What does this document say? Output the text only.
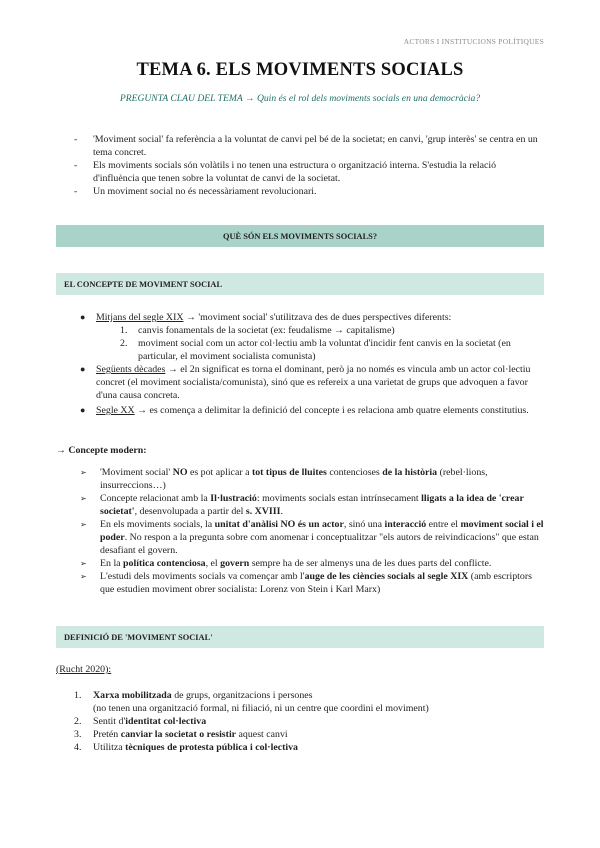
ACTORS I INSTITUCIONS POLÍTIQUES
TEMA 6. ELS MOVIMENTS SOCIALS
PREGUNTA CLAU DEL TEMA → Quin és el rol dels moviments socials en una democràcia?
- 'Moviment social' fa referència a la voluntat de canvi pel bé de la societat; en canvi, 'grup interès' se centra en un tema concret.
- Els moviments socials són volàtils i no tenen una estructura o organització interna. S'estudia la relació d'influència que tenen sobre la voluntat de canvi de la societat.
- Un moviment social no és necessàriament revolucionari.
QUÈ SÓN ELS MOVIMENTS SOCIALS?
EL CONCEPTE DE MOVIMENT SOCIAL
● Mitjans del segle XIX → 'moviment social' s'utilitzava des de dues perspectives diferents:
1. canvis fonamentals de la societat (ex: feudalisme → capitalisme)
2. moviment social com un actor col·lectiu amb la voluntat d'incidir fent canvis en la societat (en particular, el moviment socialista comunista)
● Següents dècades → el 2n significat es torna el dominant, però ja no només es vincula amb un actor col·lectiu concret (el moviment socialista/comunista), sinó que es refereix a una varietat de grups que advoquen a favor d'una causa concreta.
● Segle XX → es comença a delimitar la definició del concepte i es relaciona amb quatre elements constitutius.
→ Concepte modern:
➢ 'Moviment social' NO es pot aplicar a tot tipus de lluites contencioses de la història (rebel·lions, insurreccions…)
➢ Concepte relacionat amb la Il·lustració: moviments socials estan intrínsecament lligats a la idea de 'crear societat', desenvolupada a partir del s. XVIII.
➢ En els moviments socials, la unitat d'anàlisi NO és un actor, sinó una interacció entre el moviment social i el poder. No respon a la pregunta sobre com anomenar i conceptualitzar "els autors de reivindicacions" que estan desafiant el govern.
➢ En la política contenciosa, el govern sempre ha de ser almenys una de les dues parts del conflicte.
➢ L'estudi dels moviments socials va començar amb l'auge de les ciències socials al segle XIX (amb escriptors que estudien moviment obrer socialista: Lorenz von Stein i Karl Marx)
DEFINICIÓ DE 'MOVIMENT SOCIAL'
(Rucht 2020):
1. Xarxa mobilitzada de grups, organitzacions i persones
(no tenen una organització formal, ni filiació, ni un centre que coordini el moviment)
2. Sentit d'identitat col·lectiva
3. Pretén canviar la societat o resistir aquest canvi
4. Utilitza tècniques de protesta pública i col·lectiva
